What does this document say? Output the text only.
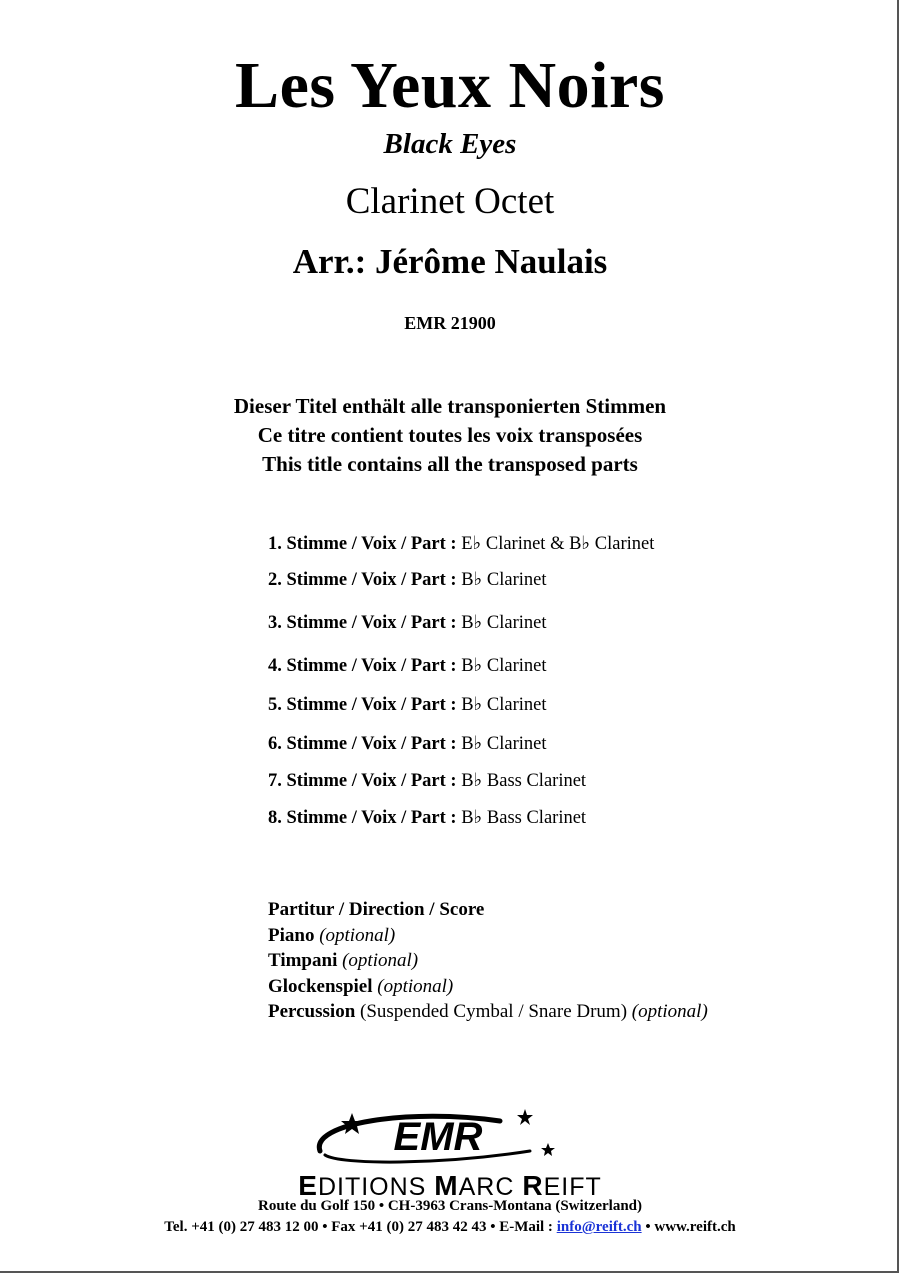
Les Yeux Noirs
Black Eyes
Clarinet Octet
Arr.: Jérôme Naulais
EMR 21900
Dieser Titel enthält alle transponierten Stimmen
Ce titre contient toutes les voix transposées
This title contains all the transposed parts
1. Stimme / Voix / Part : E♭ Clarinet & B♭ Clarinet
2. Stimme / Voix / Part : B♭ Clarinet
3. Stimme / Voix / Part : B♭ Clarinet
4. Stimme / Voix / Part : B♭ Clarinet
5. Stimme / Voix / Part : B♭ Clarinet
6. Stimme / Voix / Part : B♭ Clarinet
7. Stimme / Voix / Part : B♭ Bass Clarinet
8. Stimme / Voix / Part : B♭ Bass Clarinet
Partitur / Direction / Score
Piano (optional)
Timpani (optional)
Glockenspiel (optional)
Percussion (Suspended Cymbal / Snare Drum) (optional)
EMR
EDITIONS MARC REIFT
Route du Golf 150 • CH-3963 Crans-Montana (Switzerland)
Tel. +41 (0) 27 483 12 00 • Fax +41 (0) 27 483 42 43 • E-Mail : info@reift.ch • www.reift.ch
